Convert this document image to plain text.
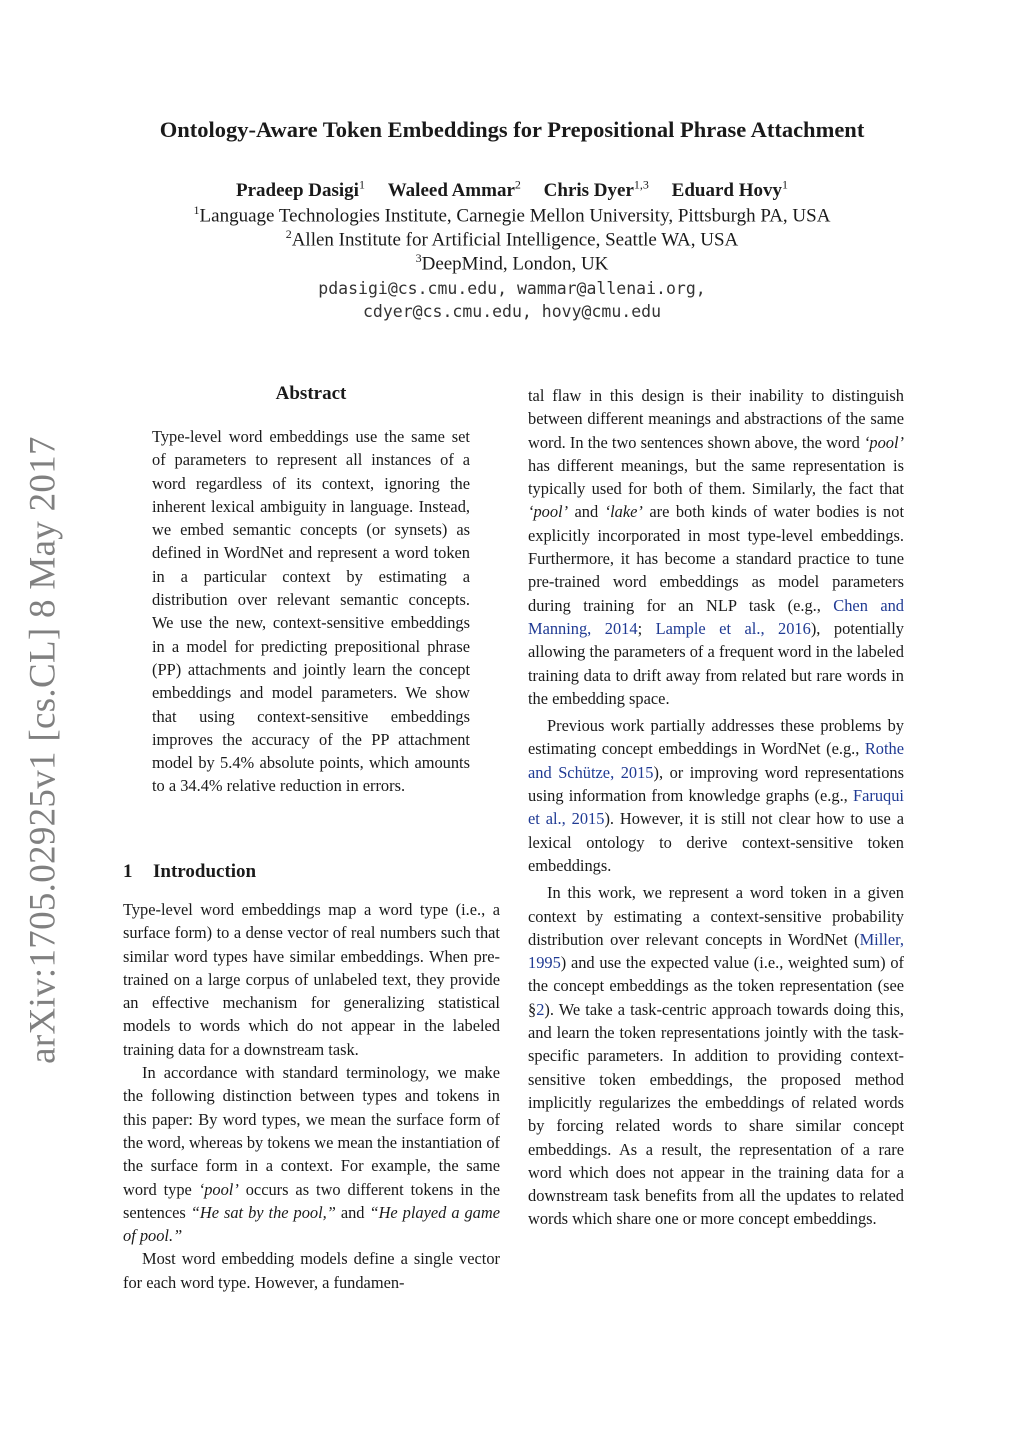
Ontology-Aware Token Embeddings for Prepositional Phrase Attachment
Pradeep Dasigi$^1$ Waleed Ammar$^2$ Chris Dyer$^{1,3}$ Eduard Hovy$^1$
$^1$Language Technologies Institute, Carnegie Mellon University, Pittsburgh PA, USA
$^2$Allen Institute for Artificial Intelligence, Seattle WA, USA
$^3$DeepMind, London, UK
pdasigi@cs.cmu.edu, wammar@allenai.org,
cdyer@cs.cmu.edu, hovy@cmu.edu
arXiv:1705.02925v1 [cs.CL] 8 May 2017
Abstract

Type-level word embeddings use the same set of parameters to represent all instances of a word regardless of its context, ignoring the inherent lexical ambiguity in language. Instead, we embed semantic concepts (or synsets) as defined in WordNet and represent a word token in a particular context by estimating a distribution over relevant semantic concepts. We use the new, context-sensitive embeddings in a model for predicting prepositional phrase (PP) attachments and jointly learn the concept embeddings and model parameters. We show that using context-sensitive embeddings improves the accuracy of the PP attachment model by 5.4% absolute points, which amounts to a 34.4% relative reduction in errors.

1 Introduction

Type-level word embeddings map a word type (i.e., a surface form) to a dense vector of real numbers such that similar word types have similar embeddings. When pre-trained on a large corpus of unlabeled text, they provide an effective mechanism for generalizing statistical models to words which do not appear in the labeled training data for a downstream task.

In accordance with standard terminology, we make the following distinction between types and tokens in this paper: By word types, we mean the surface form of the word, whereas by tokens we mean the instantiation of the surface form in a context. For example, the same word type ‘pool’ occurs as two different tokens in the sentences “He sat by the pool,” and “He played a game of pool.”

Most word embedding models define a single vector for each word type. However, a fundamen-

tal flaw in this design is their inability to distinguish between different meanings and abstractions of the same word. In the two sentences shown above, the word ‘pool’ has different meanings, but the same representation is typically used for both of them. Similarly, the fact that ‘pool’ and ‘lake’ are both kinds of water bodies is not explicitly incorporated in most type-level embeddings. Furthermore, it has become a standard practice to tune pre-trained word embeddings as model parameters during training for an NLP task (e.g., Chen and Manning, 2014; Lample et al., 2016), potentially allowing the parameters of a frequent word in the labeled training data to drift away from related but rare words in the embedding space.

Previous work partially addresses these problems by estimating concept embeddings in WordNet (e.g., Rothe and Schütze, 2015), or improving word representations using information from knowledge graphs (e.g., Faruqui et al., 2015). However, it is still not clear how to use a lexical ontology to derive context-sensitive token embeddings.

In this work, we represent a word token in a given context by estimating a context-sensitive probability distribution over relevant concepts in WordNet (Miller, 1995) and use the expected value (i.e., weighted sum) of the concept embeddings as the token representation (see §2). We take a task-centric approach towards doing this, and learn the token representations jointly with the task-specific parameters. In addition to providing context-sensitive token embeddings, the proposed method implicitly regularizes the embeddings of related words by forcing related words to share similar concept embeddings. As a result, the representation of a rare word which does not appear in the training data for a downstream task benefits from all the updates to related words which share one or more concept embeddings.
